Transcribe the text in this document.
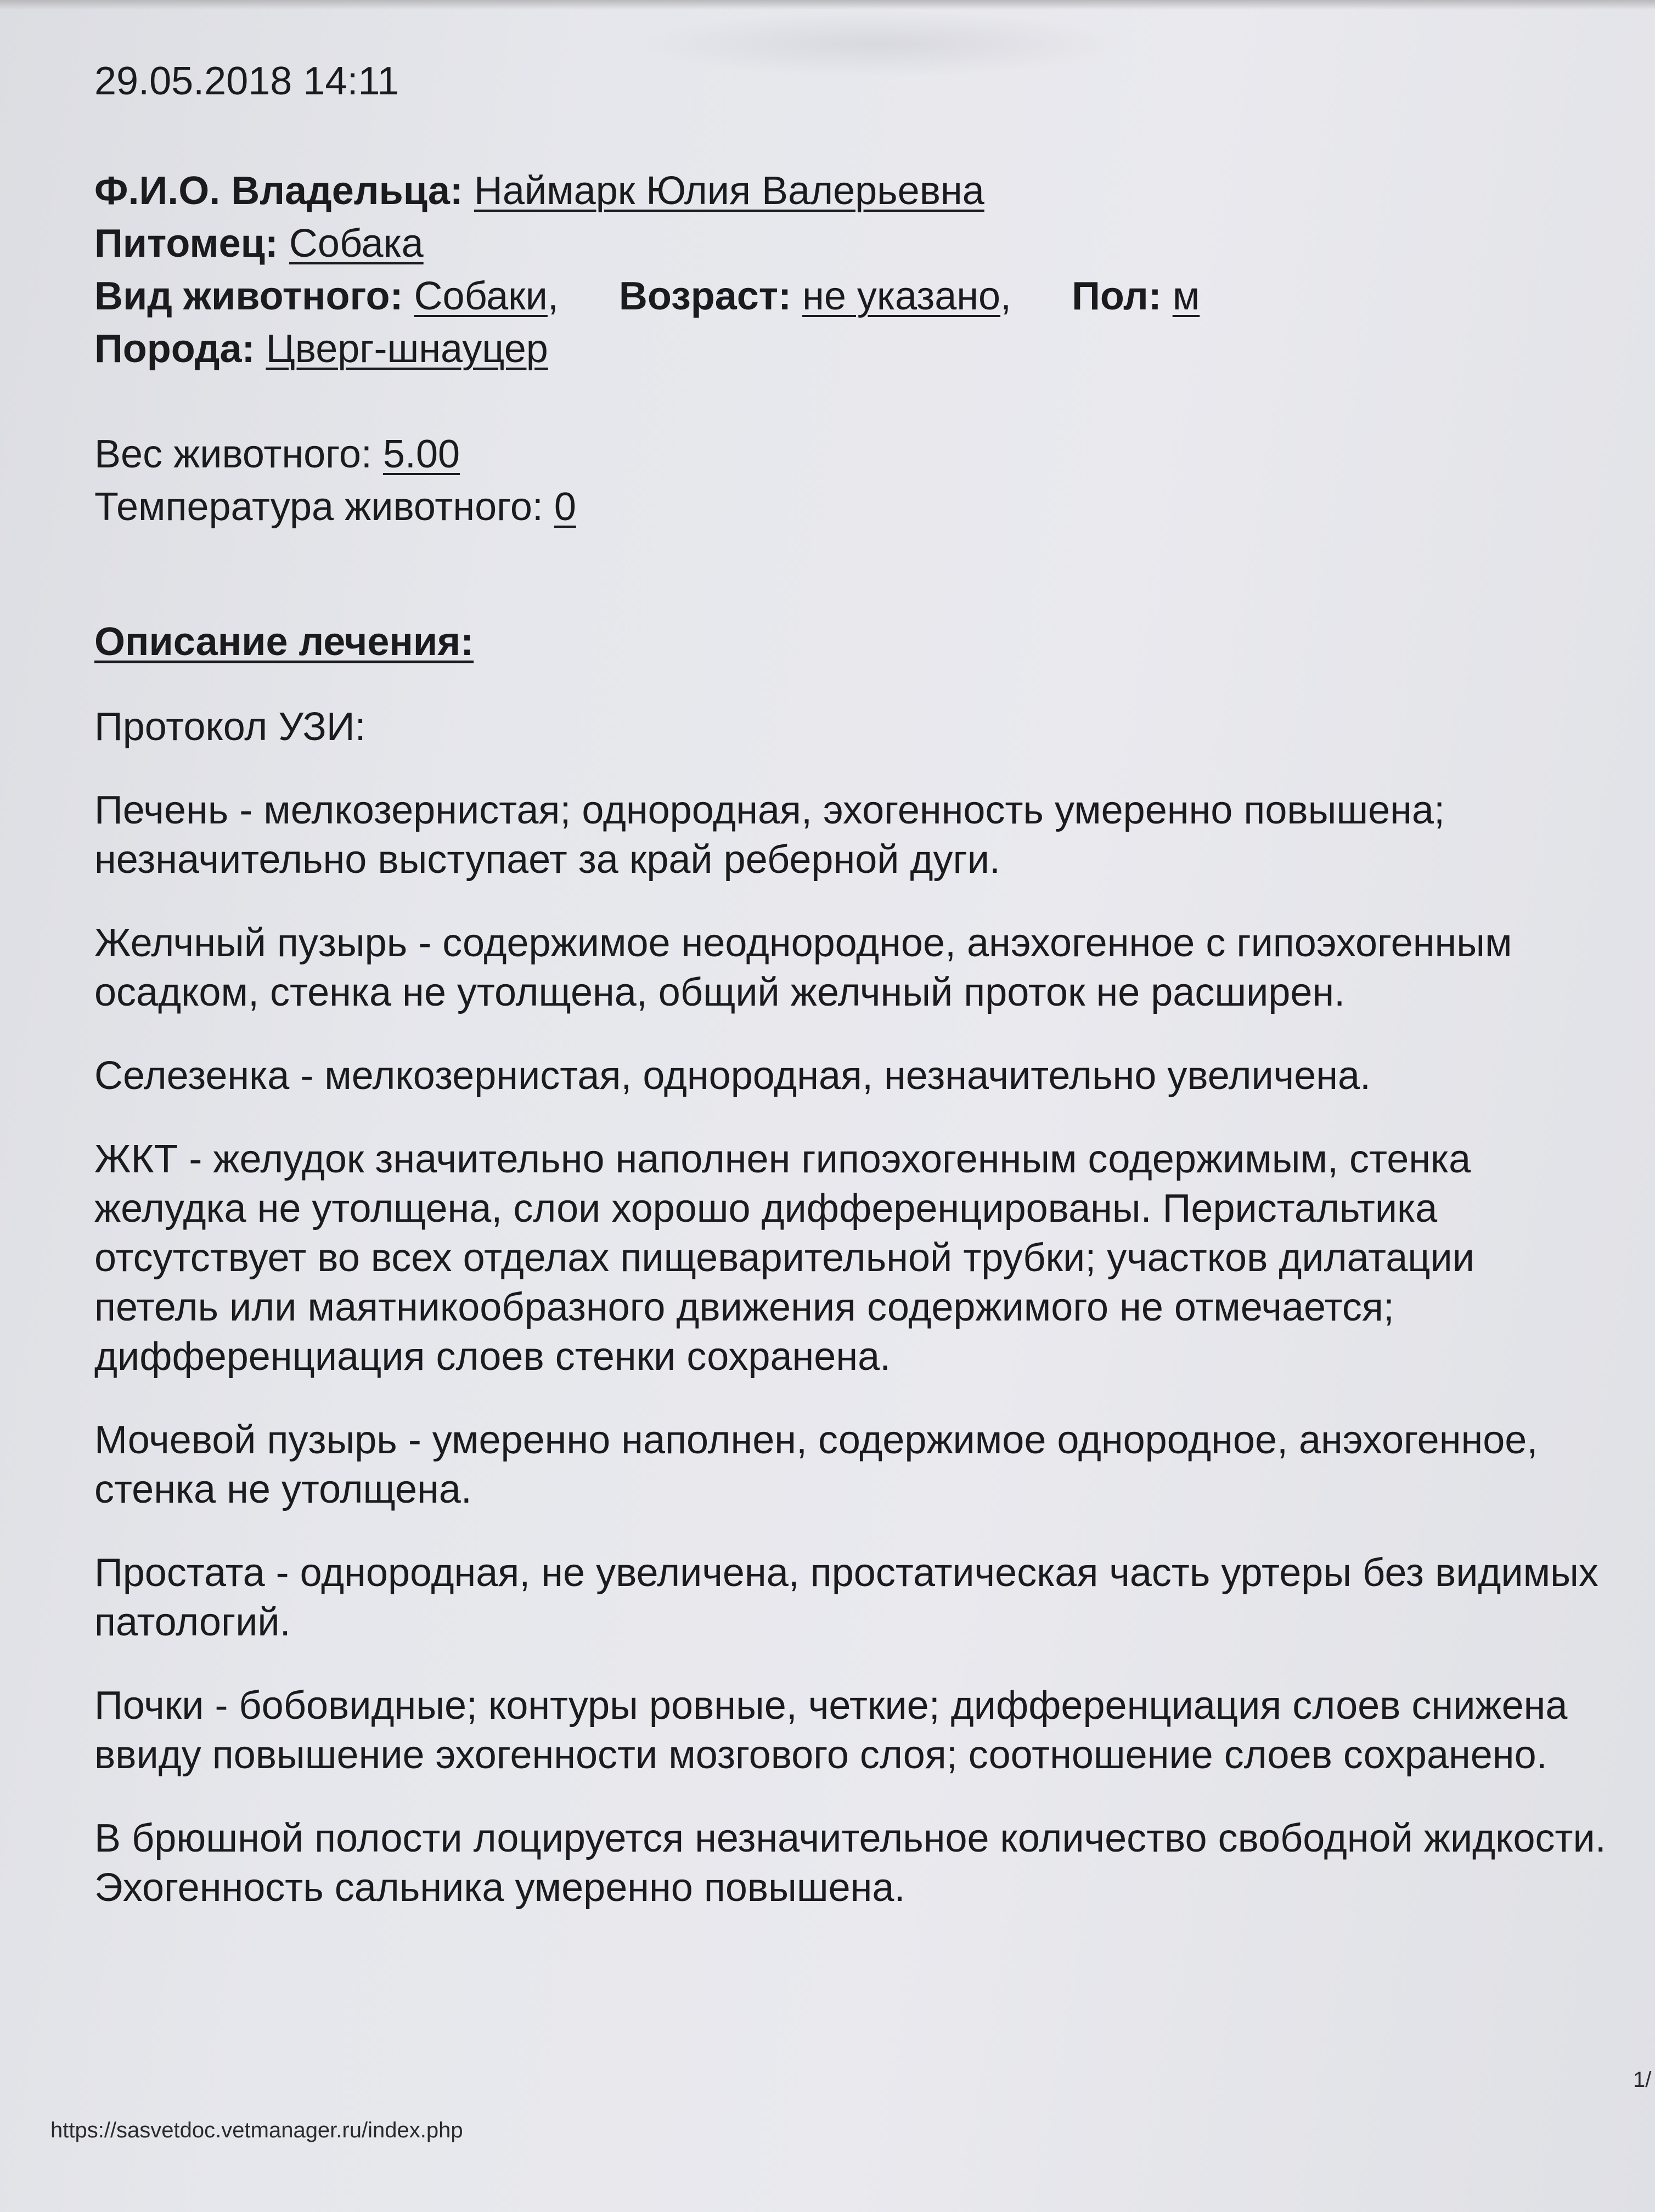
29.05.2018 14:11
Ф.И.О. Владельца: Наймарк Юлия Валерьевна
Питомец: Собака
Вид животного: Собаки, Возраст: не указано, Пол: м
Порода: Цверг-шнауцер
Вес животного: 5.00
Температура животного: 0
Описание лечения:
Протокол УЗИ:
Печень - мелкозернистая; однородная, эхогенность умеренно повышена; незначительно выступает за край реберной дуги.
Желчный пузырь - содержимое неоднородное, анэхогенное с гипоэхогенным осадком, стенка не утолщена, общий желчный проток не расширен.
Селезенка - мелкозернистая, однородная, незначительно увеличена.
ЖКТ - желудок значительно наполнен гипоэхогенным содержимым, стенка желудка не утолщена, слои хорошо дифференцированы. Перистальтика отсутствует во всех отделах пищеварительной трубки; участков дилатации петель или маятникообразного движения содержимого не отмечается; дифференциация слоев стенки сохранена.
Мочевой пузырь - умеренно наполнен, содержимое однородное, анэхогенное, стенка не утолщена.
Простата - однородная, не увеличена, простатическая часть уртеры без видимых патологий.
Почки - бобовидные; контуры ровные, четкие; дифференциация слоев снижена ввиду повышение эхогенности мозгового слоя; соотношение слоев сохранено.
В брюшной полости лоцируется незначительное количество свободной жидкости. Эхогенность сальника умеренно повышена.
https://sasvetdoc.vetmanager.ru/index.php
1/
